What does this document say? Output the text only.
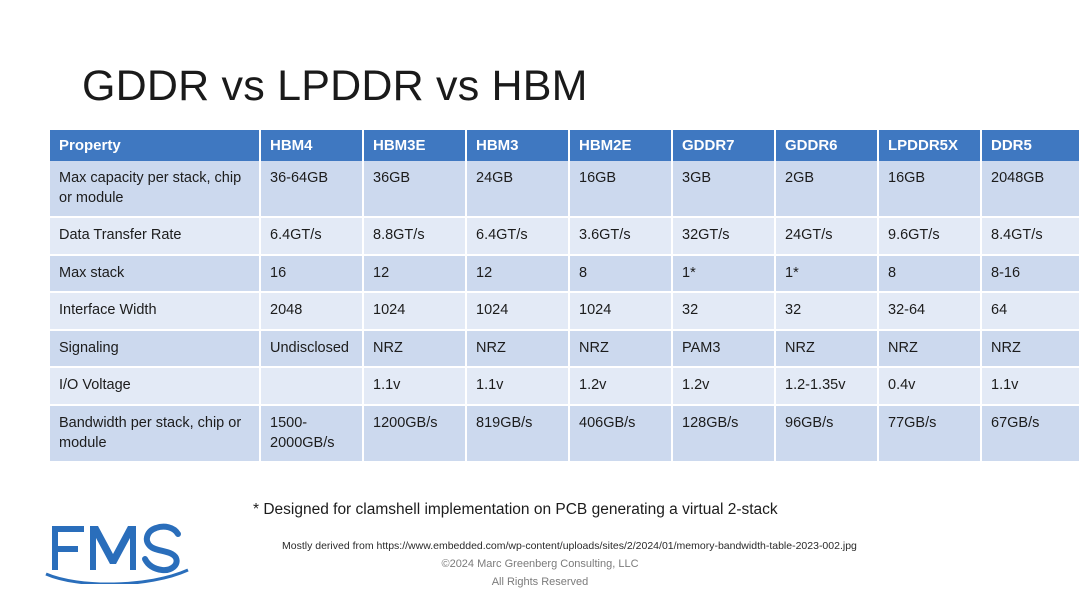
GDDR vs LPDDR vs HBM
Property	HBM4	HBM3E	HBM3	HBM2E	GDDR7	GDDR6	LPDDR5X	DDR5
Max capacity per stack, chip or module	36-64GB	36GB	24GB	16GB	3GB	2GB	16GB	2048GB
Data Transfer Rate	6.4GT/s	8.8GT/s	6.4GT/s	3.6GT/s	32GT/s	24GT/s	9.6GT/s	8.4GT/s
Max stack	16	12	12	8	1*	1*	8	8-16
Interface Width	2048	1024	1024	1024	32	32	32-64	64
Signaling	Undisclosed	NRZ	NRZ	NRZ	PAM3	NRZ	NRZ	NRZ
I/O Voltage		1.1v	1.1v	1.2v	1.2v	1.2-1.35v	0.4v	1.1v
Bandwidth per stack, chip or module	1500-2000GB/s	1200GB/s	819GB/s	406GB/s	128GB/s	96GB/s	77GB/s	67GB/s
* Designed for clamshell implementation on PCB generating a virtual 2-stack
Mostly derived from https://www.embedded.com/wp-content/uploads/sites/2/2024/01/memory-bandwidth-table-2023-002.jpg
©2024 Marc Greenberg Consulting, LLC
All Rights Reserved
